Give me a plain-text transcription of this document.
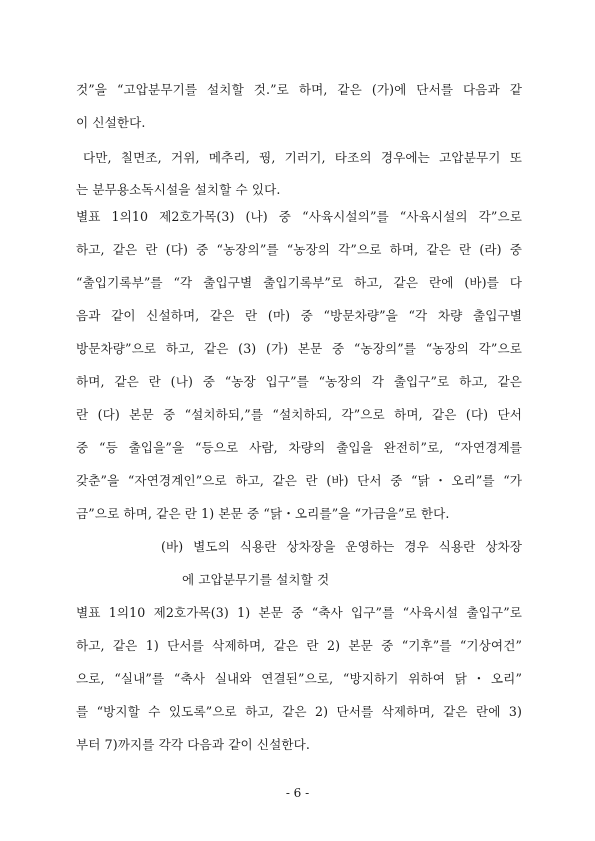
것”을 “고압분무기를 설치할 것.”로 하며, 같은 (가)에 단서를 다음과 같
이 신설한다.
다만, 칠면조, 거위, 메추리, 꿩, 기러기, 타조의 경우에는 고압분무기 또
는 분무용소독시설을 설치할 수 있다.
별표 1의10 제2호가목(3) (나) 중 “사육시설의”를 “사육시설의 각”으로
하고, 같은 란 (다) 중 “농장의”를 “농장의 각”으로 하며, 같은 란 (라) 중
“출입기록부”를 “각 출입구별 출입기록부”로 하고, 같은 란에 (바)를 다
음과 같이 신설하며, 같은 란 (마) 중 “방문차량”을 “각 차량 출입구별
방문차량”으로 하고, 같은 (3) (가) 본문 중 “농장의”를 “농장의 각”으로
하며, 같은 란 (나) 중 “농장 입구”를 “농장의 각 출입구”로 하고, 같은
란 (다) 본문 중 “설치하되,”를 “설치하되, 각”으로 하며, 같은 (다) 단서
중 “등 출입을”을 “등으로 사람, 차량의 출입을 완전히”로, “자연경계를
갖춘”을 “자연경계인”으로 하고, 같은 란 (바) 단서 중 “닭・오리”를 “가
금”으로 하며, 같은 란 1) 본문 중 “닭・오리를”을 “가금을”로 한다.
(바) 별도의 식용란 상차장을 운영하는 경우 식용란 상차장
에 고압분무기를 설치할 것
별표 1의10 제2호가목(3) 1) 본문 중 “축사 입구”를 “사육시설 출입구”로
하고, 같은 1) 단서를 삭제하며, 같은 란 2) 본문 중 “기후”를 “기상여건”
으로, “실내”를 “축사 실내와 연결된”으로, “방지하기 위하여 닭・오리”
를 “방지할 수 있도록”으로 하고, 같은 2) 단서를 삭제하며, 같은 란에 3)
부터 7)까지를 각각 다음과 같이 신설한다.
- 6 -
